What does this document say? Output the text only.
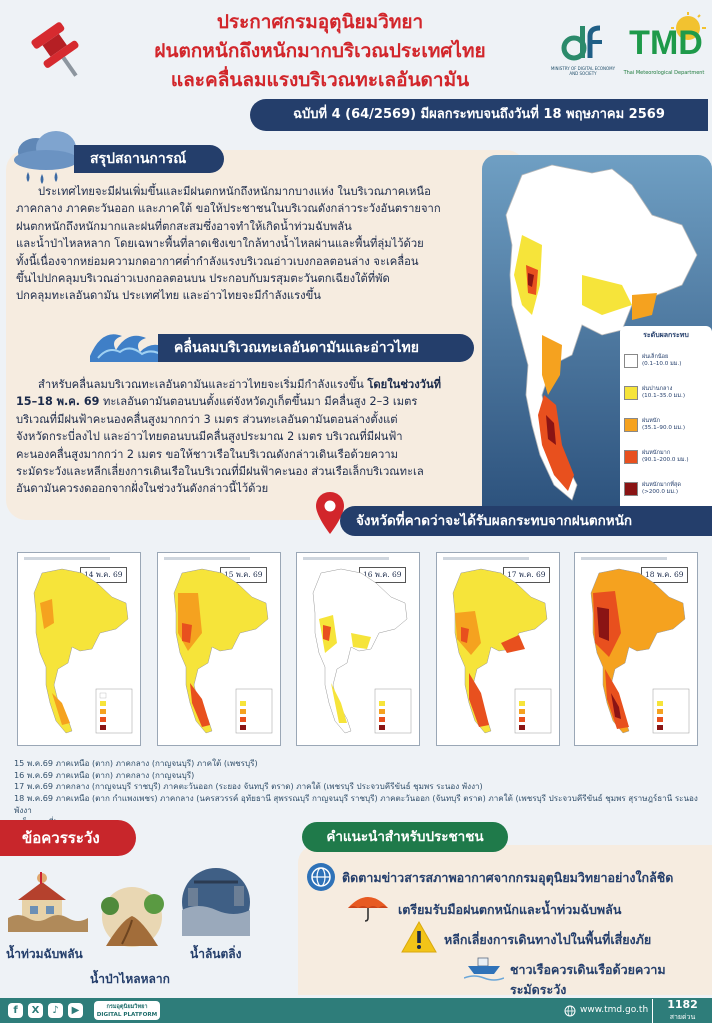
ประกาศกรมอุตุนิยมวิทยา
ฝนตกหนักถึงหนักมากบริเวณประเทศไทย
และคลื่นลมแรงบริเวณทะเลอันดามัน
MINISTRY OF DIGITAL ECONOMY AND SOCIETY
TMD
Thai Meteorological Department
ฉบับที่ 4 (64/2569) มีผลกระทบจนถึงวันที่ 18 พฤษภาคม 2569
สรุปสถานการณ์
ประเทศไทยจะมีฝนเพิ่มขึ้นและมีฝนตกหนักถึงหนักมากบางแห่ง ในบริเวณภาคเหนือ
ภาคกลาง ภาคตะวันออก และภาคใต้ ขอให้ประชาชนในบริเวณดังกล่าวระวังอันตรายจาก
ฝนตกหนักถึงหนักมากและฝนที่ตกสะสมซึ่งอาจทำให้เกิดน้ำท่วมฉับพลัน
และน้ำป่าไหลหลาก โดยเฉพาะพื้นที่ลาดเชิงเขาใกล้ทางน้ำไหลผ่านและพื้นที่ลุ่มไว้ด้วย
ทั้งนี้เนื่องจากหย่อมความกดอากาศต่ำกำลังแรงบริเวณอ่าวเบงกอลตอนล่าง จะเคลื่อน
ขึ้นไปปกคลุมบริเวณอ่าวเบงกอลตอนบน ประกอบกับมรสุมตะวันตกเฉียงใต้ที่พัด
ปกคลุมทะเลอันดามัน ประเทศไทย และอ่าวไทยจะมีกำลังแรงขึ้น
ระดับผลกระทบ
ฝนเล็กน้อย
(0.1–10.0 มม.)
ฝนปานกลาง
(10.1–35.0 มม.)
ฝนหนัก
(35.1–90.0 มม.)
ฝนหนักมาก
(90.1–200.0 มม.)
ฝนหนักมากที่สุด
(>200.0 มม.)
คลื่นลมบริเวณทะเลอันดามันและอ่าวไทย
สำหรับคลื่นลมบริเวณทะเลอันดามันและอ่าวไทยจะเริ่มมีกำลังแรงขึ้น โดยในช่วงวันที่
15–18 พ.ค. 69 ทะเลอันดามันตอนบนตั้งแต่จังหวัดภูเก็ตขึ้นมา มีคลื่นสูง 2–3 เมตร
บริเวณที่มีฝนฟ้าคะนองคลื่นสูงมากกว่า 3 เมตร ส่วนทะเลอันดามันตอนล่างตั้งแต่
จังหวัดกระบี่ลงไป และอ่าวไทยตอนบนมีคลื่นสูงประมาณ 2 เมตร บริเวณที่มีฝนฟ้า
คะนองคลื่นสูงมากกว่า 2 เมตร ขอให้ชาวเรือในบริเวณดังกล่าวเดินเรือด้วยความ
ระมัดระวังและหลีกเลี่ยงการเดินเรือในบริเวณที่มีฝนฟ้าคะนอง ส่วนเรือเล็กบริเวณทะเล
อันดามันควรงดออกจากฝั่งในช่วงวันดังกล่าวนี้ไว้ด้วย
จังหวัดที่คาดว่าจะได้รับผลกระทบจากฝนตกหนัก
14 พ.ค. 69	15 พ.ค. 69	16 พ.ค. 69	17 พ.ค. 69	18 พ.ค. 69
15 พ.ค.69 ภาคเหนือ (ตาก) ภาคกลาง (กาญจนบุรี) ภาคใต้ (เพชรบุรี)
16 พ.ค.69 ภาคเหนือ (ตาก) ภาคกลาง (กาญจนบุรี)
17 พ.ค.69 ภาคกลาง (กาญจนบุรี ราชบุรี) ภาคตะวันออก (ระยอง จันทบุรี ตราด) ภาคใต้ (เพชรบุรี ประจวบคีรีขันธ์ ชุมพร ระนอง พังงา)
18 พ.ค.69 ภาคเหนือ (ตาก กำแพงเพชร) ภาคกลาง (นครสวรรค์ อุทัยธานี สุพรรณบุรี กาญจนบุรี ราชบุรี) ภาคตะวันออก (จันทบุรี ตราด) ภาคใต้ (เพชรบุรี ประจวบคีรีขันธ์ ชุมพร สุราษฎร์ธานี ระนอง พังงา
ข้อควรระวัง
น้ำท่วมฉับพลัน
น้ำป่าไหลหลาก
น้ำล้นตลิ่ง
คำแนะนำสำหรับประชาชน
ติดตามข่าวสารสภาพอากาศจากกรมอุตุนิยมวิทยาอย่างใกล้ชิด
เตรียมรับมือฝนตกหนักและน้ำท่วมฉับพลัน
หลีกเลี่ยงการเดินทางไปในพื้นที่เสี่ยงภัย
ชาวเรือควรเดินเรือด้วยความระมัดระวัง
f	X	♪	▶	กรมอุตุนิยมวิทยา
DIGITAL PLATFORM	www.tmd.go.th	1182
สายด่วน
